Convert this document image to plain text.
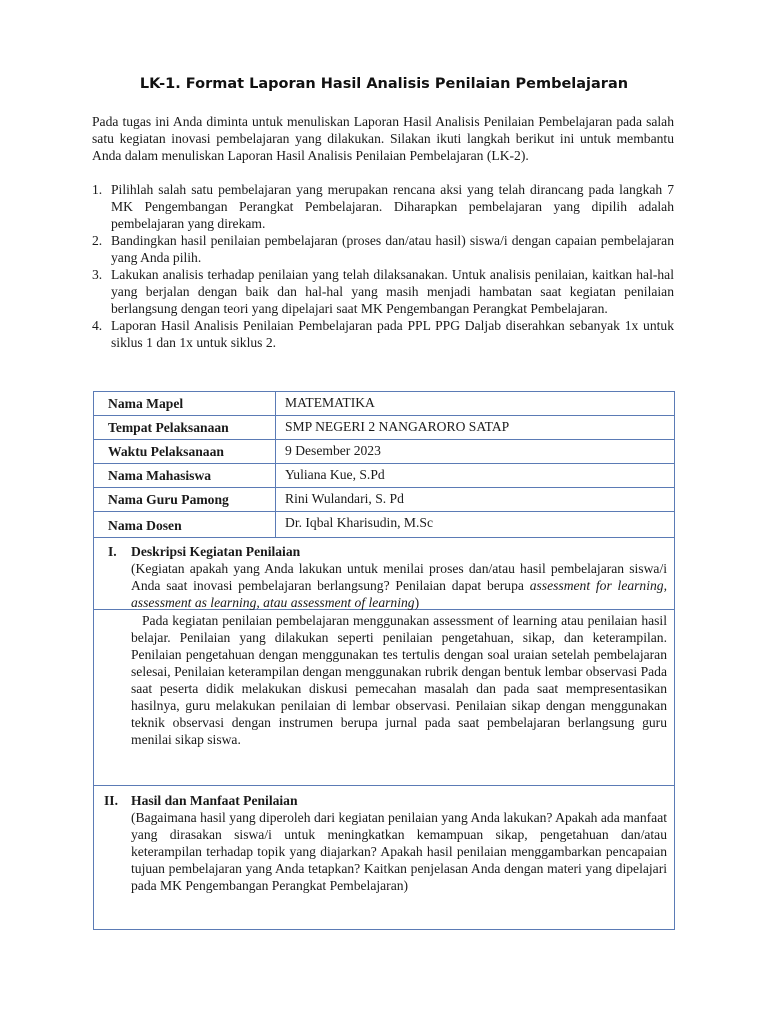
LK-1. Format Laporan Hasil Analisis Penilaian Pembelajaran
Pada tugas ini Anda diminta untuk menuliskan Laporan Hasil Analisis Penilaian Pembelajaran pada salah satu kegiatan inovasi pembelajaran yang dilakukan. Silakan ikuti langkah berikut ini untuk membantu Anda dalam menuliskan Laporan Hasil Analisis Penilaian Pembelajaran (LK-2).
1. Pilihlah salah satu pembelajaran yang merupakan rencana aksi yang telah dirancang pada langkah 7 MK Pengembangan Perangkat Pembelajaran. Diharapkan pembelajaran yang dipilih adalah pembelajaran yang direkam.
2. Bandingkan hasil penilaian pembelajaran (proses dan/atau hasil) siswa/i dengan capaian pembelajaran yang Anda pilih.
3. Lakukan analisis terhadap penilaian yang telah dilaksanakan. Untuk analisis penilaian, kaitkan hal-hal yang berjalan dengan baik dan hal-hal yang masih menjadi hambatan saat kegiatan penilaian berlangsung dengan teori yang dipelajari saat MK Pengembangan Perangkat Pembelajaran.
4. Laporan Hasil Analisis Penilaian Pembelajaran pada PPL PPG Daljab diserahkan sebanyak 1x untuk siklus 1 dan 1x untuk siklus 2.
Nama Mapel	MATEMATIKA
Tempat Pelaksanaan	SMP NEGERI 2 NANGARORO SATAP
Waktu Pelaksanaan	9 Desember 2023
Nama Mahasiswa	Yuliana Kue, S.Pd
Nama Guru Pamong	Rini Wulandari, S. Pd
Nama Dosen	Dr. Iqbal Kharisudin, M.Sc
I. Deskripsi Kegiatan Penilaian
(Kegiatan apakah yang Anda lakukan untuk menilai proses dan/atau hasil pembelajaran siswa/i Anda saat inovasi pembelajaran berlangsung? Penilaian dapat berupa assessment for learning, assessment as learning, atau assessment of learning)
Pada kegiatan penilaian pembelajaran menggunakan assessment of learning atau penilaian hasil belajar. Penilaian yang dilakukan seperti penilaian pengetahuan, sikap, dan keterampilan. Penilaian pengetahuan dengan menggunakan tes tertulis dengan soal uraian setelah pembelajaran selesai, Penilaian keterampilan dengan menggunakan rubrik dengan bentuk lembar observasi Pada saat peserta didik melakukan diskusi pemecahan masalah dan pada saat mempresentasikan hasilnya, guru melakukan penilaian di lembar observasi. Penilaian sikap dengan menggunakan teknik observasi dengan instrumen berupa jurnal pada saat pembelajaran berlangsung guru menilai sikap siswa.
II. Hasil dan Manfaat Penilaian
(Bagaimana hasil yang diperoleh dari kegiatan penilaian yang Anda lakukan? Apakah ada manfaat yang dirasakan siswa/i untuk meningkatkan kemampuan sikap, pengetahuan dan/atau keterampilan terhadap topik yang diajarkan? Apakah hasil penilaian menggambarkan pencapaian tujuan pembelajaran yang Anda tetapkan? Kaitkan penjelasan Anda dengan materi yang dipelajari pada MK Pengembangan Perangkat Pembelajaran)
